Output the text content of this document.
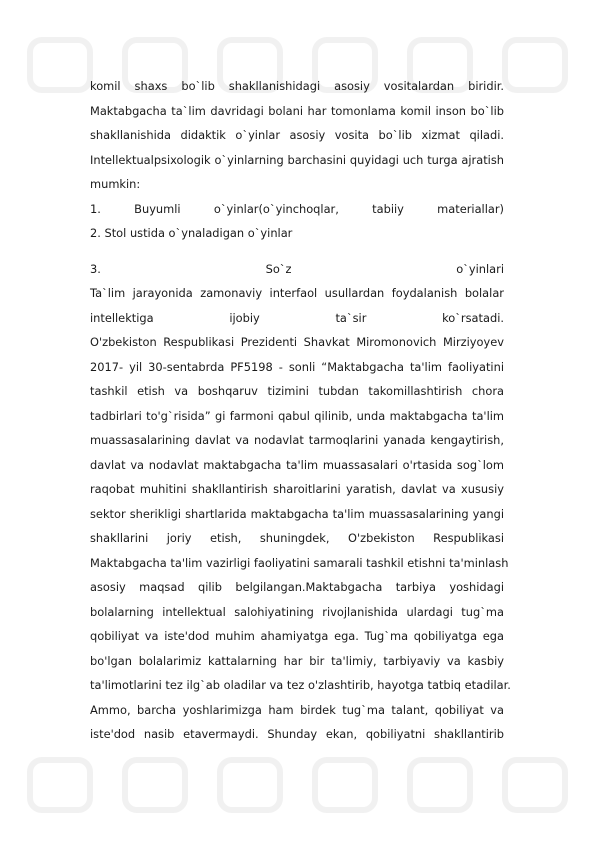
komil shaxs bo`lib shakllanishidagi asosiy vositalardan biridir.
Maktabgacha ta`lim davridagi bolani har tomonlama komil inson bo`lib
shakllanishida didaktik o`yinlar asosiy vosita bo`lib xizmat qiladi.
Intellektualpsixologik o`yinlarning barchasini quyidagi uch turga ajratish
mumkin:
1. Buyumli o`yinlar(o`yinchoqlar, tabiiy materiallar)
2. Stol ustida o`ynaladigan o`yinlar
3. So`z o`yinlari
Ta`lim jarayonida zamonaviy interfaol usullardan foydalanish bolalar
intellektiga ijobiy ta`sir ko`rsatadi.
O'zbekiston Respublikasi Prezidenti Shavkat Miromonovich Mirziyoyev
2017- yil 30-sentabrda PF5198 - sonli “Maktabgacha ta'lim faoliyatini
tashkil etish va boshqaruv tizimini tubdan takomillashtirish chora
tadbirlari to'g`risida” gi farmoni qabul qilinib, unda maktabgacha ta'lim
muassasalarining davlat va nodavlat tarmoqlarini yanada kengaytirish,
davlat va nodavlat maktabgacha ta'lim muassasalari o'rtasida sog`lom
raqobat muhitini shakllantirish sharoitlarini yaratish, davlat va xususiy
sektor sherikligi shartlarida maktabgacha ta'lim muassasalarining yangi
shakllarini joriy etish, shuningdek, O'zbekiston Respublikasi
Maktabgacha ta'lim vazirligi faoliyatini samarali tashkil etishni ta'minlash
asosiy maqsad qilib belgilangan.Maktabgacha tarbiya yoshidagi
bolalarning intellektual salohiyatining rivojlanishida ulardagi tug`ma
qobiliyat va iste'dod muhim ahamiyatga ega. Tug`ma qobiliyatga ega
bo'lgan bolalarimiz kattalarning har bir ta'limiy, tarbiyaviy va kasbiy
ta'limotlarini tez ilg`ab oladilar va tez o'zlashtirib, hayotga tatbiq etadilar.
Ammo, barcha yoshlarimizga ham birdek tug`ma talant, qobiliyat va
iste'dod nasib etavermaydi. Shunday ekan, qobiliyatni shakllantirib
